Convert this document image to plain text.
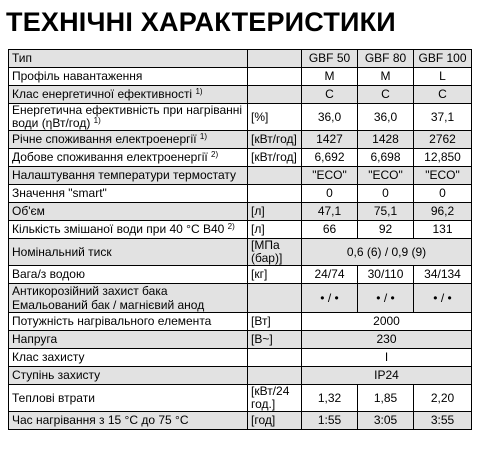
ТЕХНІЧНІ ХАРАКТЕРИСТИКИ
Тип		GBF 50	GBF 80	GBF 100
Профіль навантаження		M	M	L
Клас енергетичної ефективності $^{1)}$		C	C	C
Енергетична ефективність при нагріванні води (ηВт/год) $^{1)}$	[%]	36,0	36,0	37,1
Річне споживання електроенергії $^{1)}$	[кВт/год]	1427	1428	2762
Добове споживання електроенергії $^{2)}$	[кВт/год]	6,692	6,698	12,850
Налаштування температури термостату		"ECO"	"ECO"	"ECO"
Значення "smart"		0	0	0
Об'єм	[л]	47,1	75,1	96,2
Кількість змішаної води при 40 °C В40 $^{2)}$	[л]	66	92	131
Номінальний тиск	[МПа (бар)]	0,6 (6) / 0,9 (9)		
Вага/з водою	[кг]	24/74	30/110	34/134
Антикорозійний захист бака Емальований бак / магнієвий анод		• / •	• / •	• / •
Потужність нагрівального елемента	[Вт]	2000		
Напруга	[В~]	230		
Клас захисту		I		
Ступінь захисту		IP24		
Теплові втрати	[кВт/24 год.]	1,32	1,85	2,20
Час нагрівання з 15 °C до 75 °C	[год]	1:55	3:05	3:55
